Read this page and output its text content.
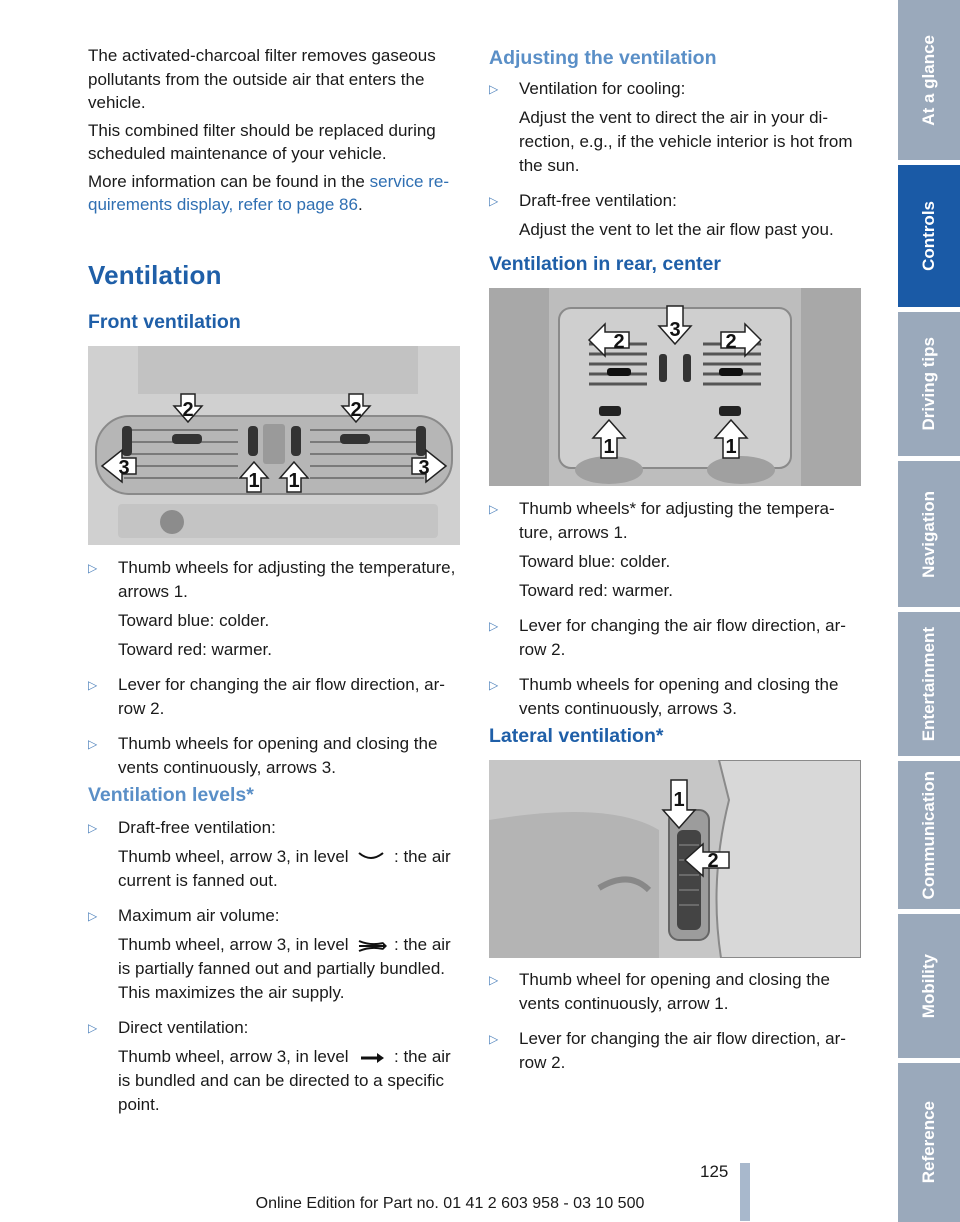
The activated-charcoal filter removes gaseous pollutants from the outside air that enters the vehicle.

This combined filter should be replaced during scheduled maintenance of your vehicle.

More information can be found in the service requirements display, refer to page 86.

Ventilation
Front ventilation
2	2
3
1 1
3
▷ Thumb wheels for adjusting the temperature, arrows 1.
Toward blue: colder.
Toward red: warmer.
▷ Lever for changing the air flow direction, arrow 2.
▷ Thumb wheels for opening and closing the vents continuously, arrows 3.
Ventilation levels*
▷ Draft-free ventilation:
Thumb wheel, arrow 3, in level	: the air current is fanned out.
▷ Maximum air volume:
Thumb wheel, arrow 3, in level	: the air is partially fanned out and partially bundled. This maximizes the air supply.
▷ Direct ventilation:
Thumb wheel, arrow 3, in level	: the air is bundled and can be directed to a specific point.
Adjusting the ventilation
▷ Ventilation for cooling:
Adjust the vent to direct the air in your direction, e.g., if the vehicle interior is hot from the sun.
▷ Draft-free ventilation:
Adjust the vent to let the air flow past you.
Ventilation in rear, center
2
3
2
1	1
▷ Thumb wheels* for adjusting the temperature, arrows 1.
Toward blue: colder.
Toward red: warmer.
▷ Lever for changing the air flow direction, arrow 2.
▷ Thumb wheels for opening and closing the vents continuously, arrows 3.
Lateral ventilation*
1
2
▷ Thumb wheel for opening and closing the vents continuously, arrow 1.
▷ Lever for changing the air flow direction, arrow 2.
At a glance
Controls
Driving tips
Navigation
Entertainment
Communication
Mobility
Reference
125
Online Edition for Part no. 01 41 2 603 958 - 03 10 500
